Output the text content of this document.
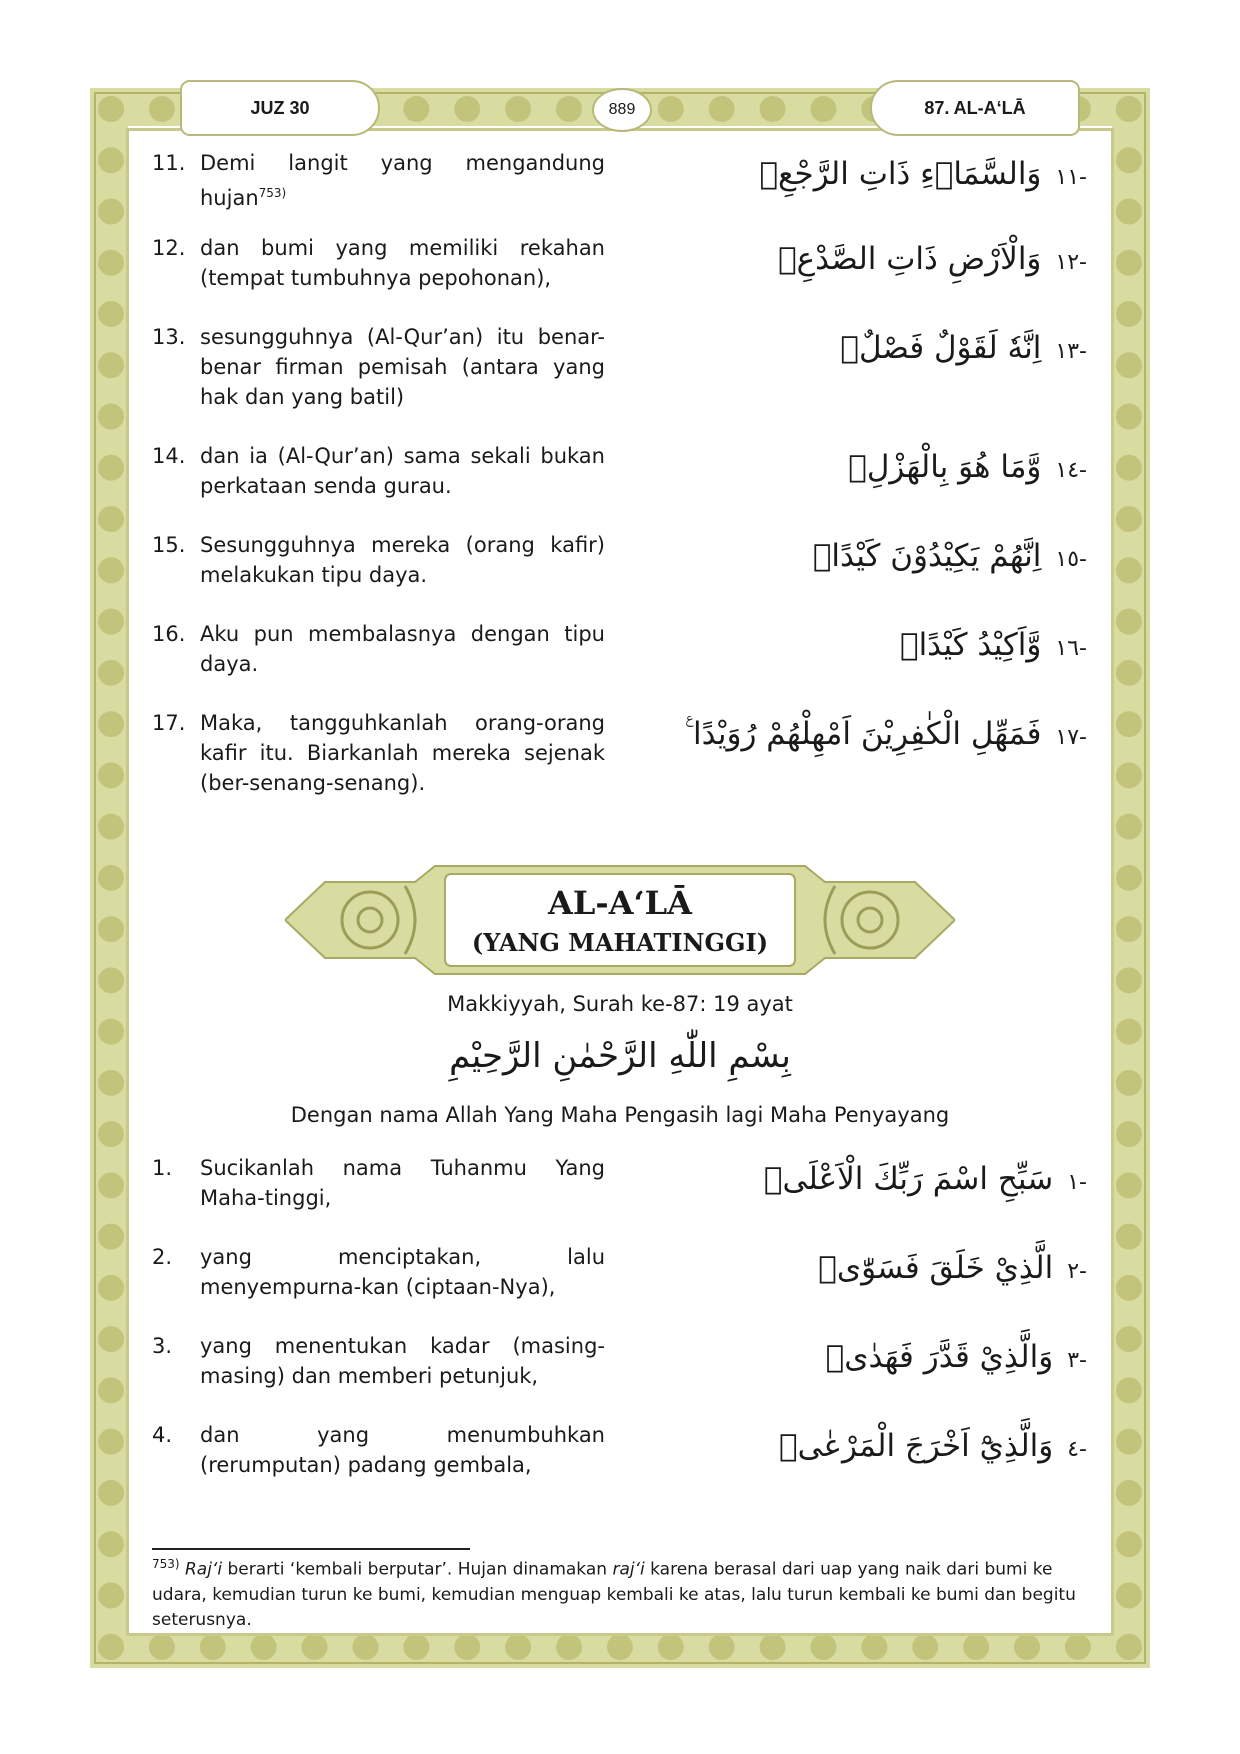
JUZ 30	889	87. AL-A‘LĀ
11. Demi langit yang mengandung hujan$^{753)}$
-١١وَالسَّمَاۤءِ ذَاتِ الرَّجْعِۙ
12. dan bumi yang memiliki rekahan (tempat tumbuhnya pepohonan),
-١٢وَالْاَرْضِ ذَاتِ الصَّدْعِۙ
13. sesungguhnya (Al-Qur’an) itu benar-benar firman pemisah (antara yang hak dan yang batil)
-١٣اِنَّهٗ لَقَوْلٌ فَصْلٌۙ
14. dan ia (Al-Qur’an) sama sekali bukan perkataan senda gurau.
-١٤وَّمَا هُوَ بِالْهَزْلِۗ
15. Sesungguhnya mereka (orang kafir) melakukan tipu daya.
-١٥اِنَّهُمْ يَكِيْدُوْنَ كَيْدًاۙ
16. Aku pun membalasnya dengan tipu daya.
-١٦وَّاَكِيْدُ كَيْدًاۖ
17. Maka, tangguhkanlah orang-orang kafir itu. Biarkanlah mereka sejenak (ber-senang-senang).
-١٧فَمَهِّلِ الْكٰفِرِيْنَ اَمْهِلْهُمْ رُوَيْدًا ࣖ
AL-A‘LĀ
(YANG MAHATINGGI)
Makkiyyah, Surah ke-87: 19 ayat
بِسْمِ اللّٰهِ الرَّحْمٰنِ الرَّحِيْمِ
Dengan nama Allah Yang Maha Pengasih lagi Maha Penyayang
1. Sucikanlah nama Tuhanmu Yang Maha-tinggi,
-١سَبِّحِ اسْمَ رَبِّكَ الْاَعْلَىۙ
2. yang menciptakan, lalu menyempurna-kan (ciptaan-Nya),
-٢الَّذِيْ خَلَقَ فَسَوّٰىۖ
3. yang menentukan kadar (masing-masing) dan memberi petunjuk,
-٣وَالَّذِيْ قَدَّرَ فَهَدٰىۖ
4. dan yang menumbuhkan (rerumputan) padang gembala,
-٤وَالَّذِيْٓ اَخْرَجَ الْمَرْعٰىۖ
$^{753)}$ Raj‘i berarti ‘kembali berputar’. Hujan dinamakan raj‘i karena berasal dari uap yang naik dari bumi ke udara, kemudian turun ke bumi, kemudian menguap kembali ke atas, lalu turun kembali ke bumi dan begitu seterusnya.
